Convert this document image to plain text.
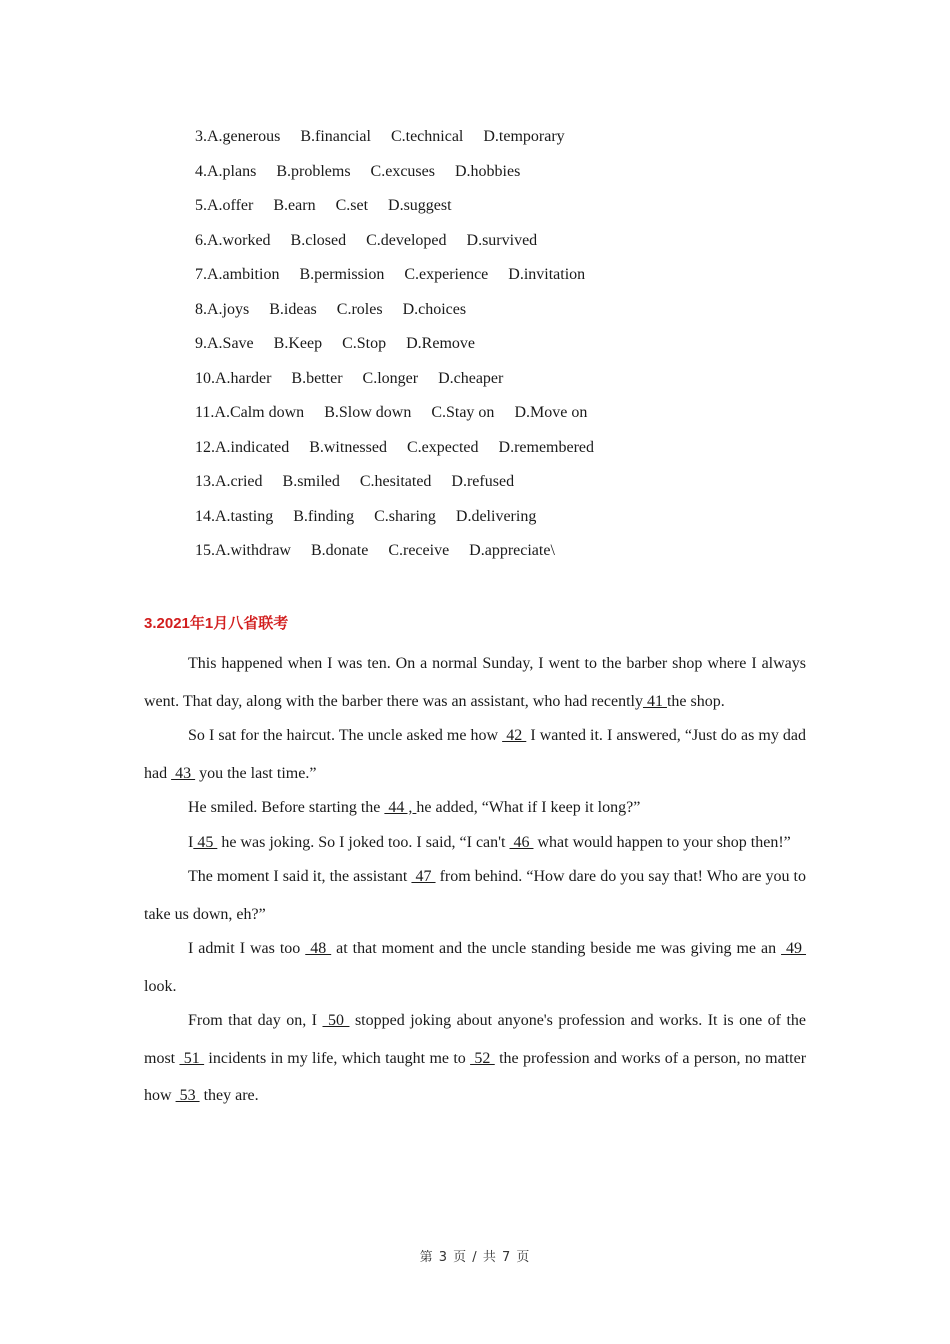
3.A.generous B.financial C.technical D.temporary
4.A.plans B.problems C.excuses D.hobbies
5.A.offer B.earn C.set D.suggest
6.A.worked B.closed C.developed D.survived
7.A.ambition B.permission C.experience D.invitation
8.A.joys B.ideas C.roles D.choices
9.A.Save B.Keep C.Stop D.Remove
10.A.harder B.better C.longer D.cheaper
11.A.Calm down B.Slow down C.Stay on D.Move on
12.A.indicated B.witnessed C.expected D.remembered
13.A.cried B.smiled C.hesitated D.refused
14.A.tasting B.finding C.sharing D.delivering
15.A.withdraw B.donate C.receive D.appreciate\
3.2021年1月八省联考

This happened when I was ten. On a normal Sunday, I went to the barber shop where I always went. That day, along with the barber there was an assistant, who had recently 41 the shop.

So I sat for the haircut. The uncle asked me how  42  I wanted it. I answered, “Just do as my dad had  43  you the last time.”

He smiled. Before starting the  44 , he added, “What if I keep it long?”

I 45  he was joking. So I joked too. I said, “I can't  46  what would happen to your shop then!”

The moment I said it, the assistant  47  from behind. “How dare do you say that! Who are you to take us down, eh?”

I admit I was too  48  at that moment and the uncle standing beside me was giving me an  49  look.

From that day on, I  50  stopped joking about anyone's profession and works. It is one of the most  51  incidents in my life, which taught me to  52  the profession and works of a person, no matter how  53  they are.

第 3 页 / 共 7 页
